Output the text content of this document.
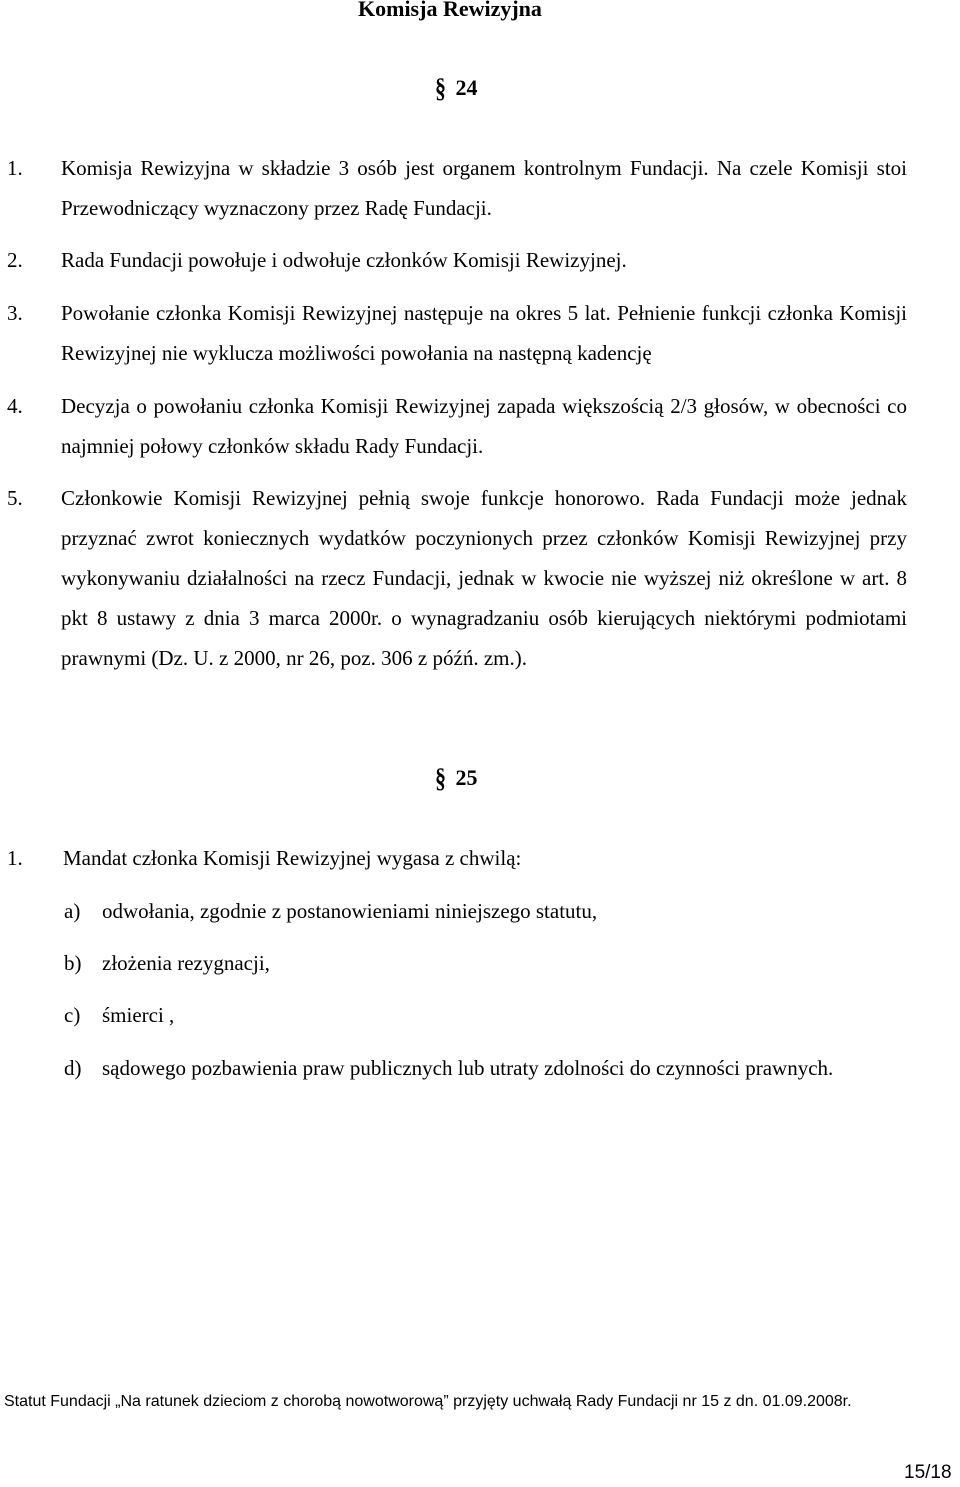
Komisja Rewizyjna
§ 24
1. Komisja Rewizyjna w składzie 3 osób jest organem kontrolnym Fundacji. Na czele Komisji stoi Przewodniczący wyznaczony przez Radę Fundacji.
2. Rada Fundacji powołuje i odwołuje członków Komisji Rewizyjnej.
3. Powołanie członka Komisji Rewizyjnej następuje na okres 5 lat. Pełnienie funkcji członka Komisji Rewizyjnej nie wyklucza możliwości powołania na następną kadencję
4. Decyzja o powołaniu członka Komisji Rewizyjnej zapada większością 2/3 głosów, w obecności co najmniej połowy członków składu Rady Fundacji.
5. Członkowie Komisji Rewizyjnej pełnią swoje funkcje honorowo. Rada Fundacji może jednak przyznać zwrot koniecznych wydatków poczynionych przez członków Komisji Rewizyjnej przy wykonywaniu działalności na rzecz Fundacji, jednak w kwocie nie wyższej niż określone w art. 8 pkt 8 ustawy z dnia 3 marca 2000r. o wynagradzaniu osób kierujących niektórymi podmiotami prawnymi (Dz. U. z 2000, nr 26, poz. 306 z późń. zm.).
§ 25
1. Mandat członka Komisji Rewizyjnej wygasa z chwilą:
a) odwołania, zgodnie z postanowieniami niniejszego statutu,
b) złożenia rezygnacji,
c) śmierci ,
d) sądowego pozbawienia praw publicznych lub utraty zdolności do czynności prawnych.
Statut Fundacji „Na ratunek dzieciom z chorobą nowotworową” przyjęty uchwałą Rady Fundacji nr 15 z dn. 01.09.2008r.
15/18
